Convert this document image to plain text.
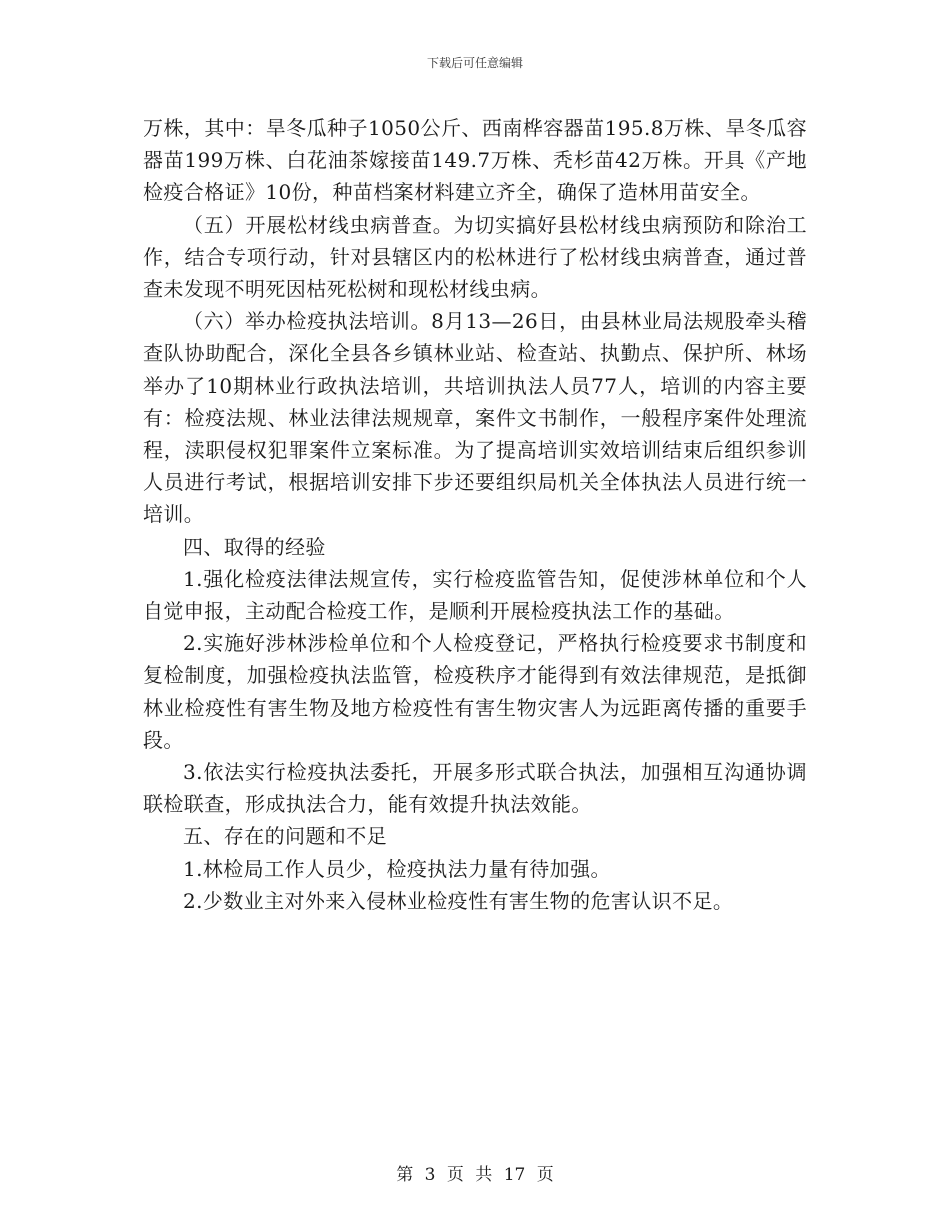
下载后可任意编辑

万株，其中：旱冬瓜种子1050公斤、西南桦容器苗195.8万株、旱冬瓜容器苗199万株、白花油茶嫁接苗149.7万株、秃杉苗42万株。开具《产地检疫合格证》10份，种苗档案材料建立齐全，确保了造林用苗安全。

（五）开展松材线虫病普查。为切实搞好县松材线虫病预防和除治工作，结合专项行动，针对县辖区内的松林进行了松材线虫病普查，通过普查未发现不明死因枯死松树和现松材线虫病。

（六）举办检疫执法培训。8月13—26日，由县林业局法规股牵头稽查队协助配合，深化全县各乡镇林业站、检查站、执勤点、保护所、林场举办了10期林业行政执法培训，共培训执法人员77人，培训的内容主要有：检疫法规、林业法律法规规章，案件文书制作，一般程序案件处理流程，渎职侵权犯罪案件立案标准。为了提高培训实效培训结束后组织参训人员进行考试，根据培训安排下步还要组织局机关全体执法人员进行统一培训。

四、取得的经验

1.强化检疫法律法规宣传，实行检疫监管告知，促使涉林单位和个人自觉申报，主动配合检疫工作，是顺利开展检疫执法工作的基础。

2.实施好涉林涉检单位和个人检疫登记，严格执行检疫要求书制度和复检制度，加强检疫执法监管，检疫秩序才能得到有效法律规范，是抵御林业检疫性有害生物及地方检疫性有害生物灾害人为远距离传播的重要手段。

3.依法实行检疫执法委托，开展多形式联合执法，加强相互沟通协调联检联查，形成执法合力，能有效提升执法效能。

五、存在的问题和不足

1.林检局工作人员少，检疫执法力量有待加强。

2.少数业主对外来入侵林业检疫性有害生物的危害认识不足。

第 3 页 共 17 页
